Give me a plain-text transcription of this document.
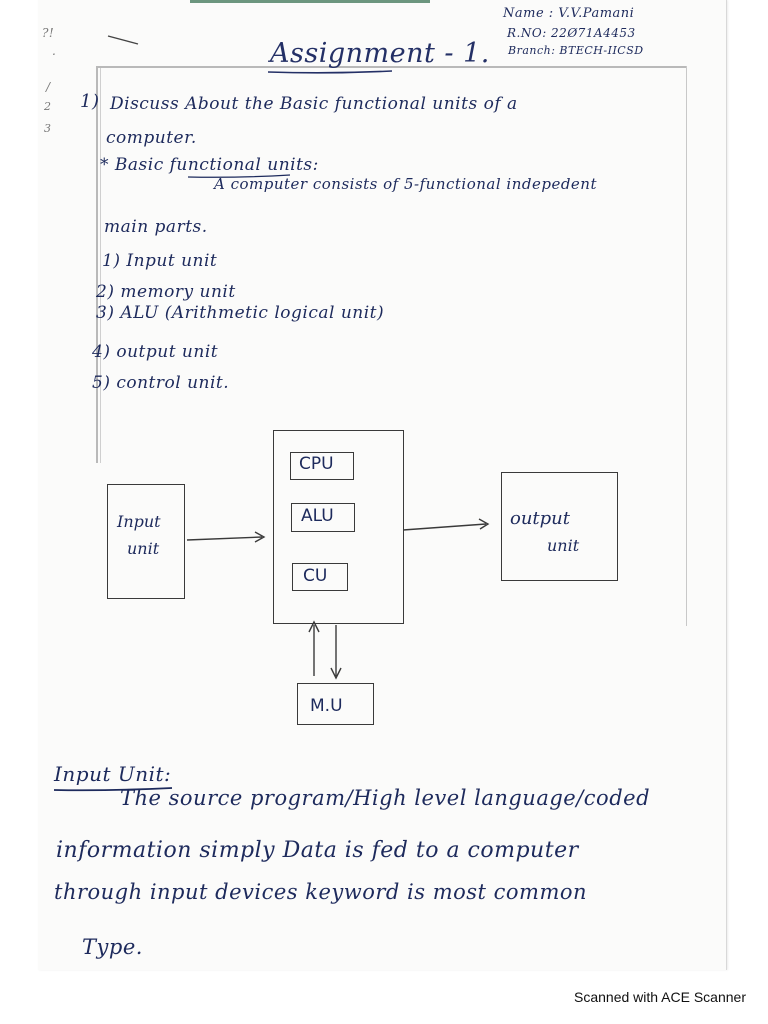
Name : V.V.Pamani
R.NO: 22Ø71A4453
Branch: BTECH-IICSD
?!
.
/
2
3
Assignment - 1.
1) Discuss About the Basic functional units of a
computer.
* Basic functional units:
A computer consists of 5-functional indepedent
main parts.
1) Input unit
2) memory unit
3) ALU (Arithmetic logical unit)
4) output unit
5) control unit.
Input
unit
CPU
ALU
CU
output
unit
M.U
Input Unit:
The source program/High level language/coded
information simply Data is fed to a computer
through input devices keyword is most common
Type.
Scanned with ACE Scanner
